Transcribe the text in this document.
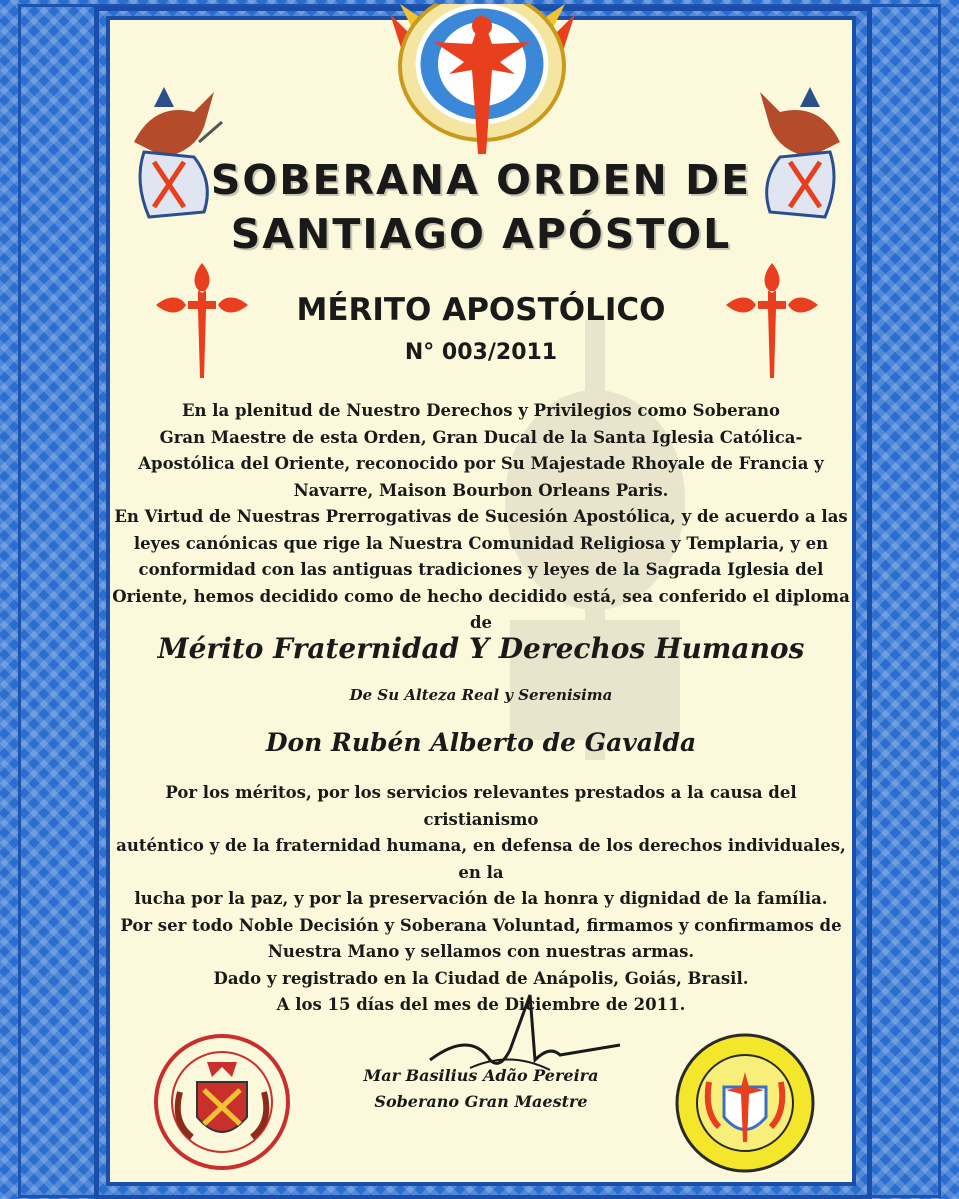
SOBERANA ORDEN DE
SANTIAGO APÓSTOL
MÉRITO APOSTÓLICO
N° 003/2011
En la plenitud de Nuestro Derechos y Privilegios como Soberano
Gran Maestre de esta Orden, Gran Ducal de la Santa Iglesia Católica-
Apostólica del Oriente, reconocido por Su Majestade Rhoyale de Francia y
Navarre, Maison Bourbon Orleans Paris.
En Virtud de Nuestras Prerrogativas de Sucesión Apostólica, y de acuerdo a las
leyes canónicas que rige la Nuestra Comunidad Religiosa y Templaria, y en
conformidad con las antiguas tradiciones y leyes de la Sagrada Iglesia del
Oriente, hemos decidido como de hecho decidido está, sea conferido el diploma de
Mérito Fraternidad Y Derechos Humanos
De Su Alteza Real y Serenisima
Don Rubén Alberto de Gavalda
Por los méritos, por los servicios relevantes prestados a la causa del cristianismo
auténtico y de la fraternidad humana, en defensa de los derechos individuales, en la
lucha por la paz, y por la preservación de la honra y dignidad de la família.
Por ser todo Noble Decisión y Soberana Voluntad, firmamos y confirmamos de
Nuestra Mano y sellamos con nuestras armas.
Dado y registrado en la Ciudad de Anápolis, Goiás, Brasil.
A los 15 días del mes de Diciembre de 2011.
Mar Basilius Adão Pereira
Soberano Gran Maestre
